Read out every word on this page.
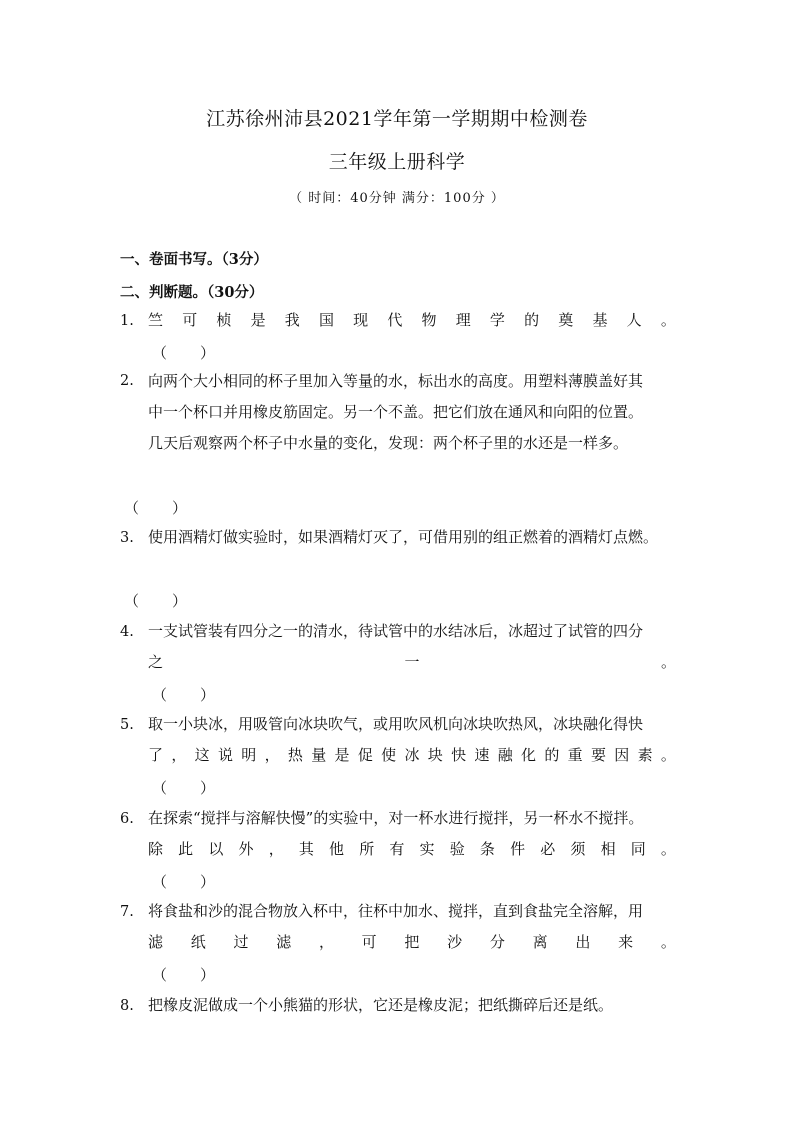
江苏徐州沛县2021学年第一学期期中检测卷
三年级上册科学
（ 时间：40分钟 满分：100分 ）
一、卷面书写。（3分）
二、判断题。（30分）
1. 竺 可 桢 是 我 国 现 代 物 理 学 的 奠 基 人 。
（　　）
2. 向两个大小相同的杯子里加入等量的水，标出水的高度。用塑料薄膜盖好其
中一个杯口并用橡皮筋固定。另一个不盖。把它们放在通风和向阳的位置。
几天后观察两个杯子中水量的变化，发现：两个杯子里的水还是一样多。
（　　）
3. 使用酒精灯做实验时，如果酒精灯灭了，可借用别的组正燃着的酒精灯点燃。
（　　）
4. 一支试管装有四分之一的清水，待试管中的水结冰后，冰超过了试管的四分
之	一	。
（　　）
5. 取一小块冰，用吸管向冰块吹气，或用吹风机向冰块吹热风，冰块融化得快
了 ， 这 说 明 ， 热 量 是 促 使 冰 块 快 速 融 化 的 重 要 因 素 。
（　　）
6. 在探索“搅拌与溶解快慢”的实验中，对一杯水进行搅拌，另一杯水不搅拌。
除 此 以 外 ， 其 他 所 有 实 验 条 件 必 须 相 同 。
（　　）
7. 将食盐和沙的混合物放入杯中，往杯中加水、搅拌，直到食盐完全溶解，用
滤 纸 过 滤 ， 可 把 沙 分 离 出 来 。
（　　）
8. 把橡皮泥做成一个小熊猫的形状，它还是橡皮泥；把纸撕碎后还是纸。
